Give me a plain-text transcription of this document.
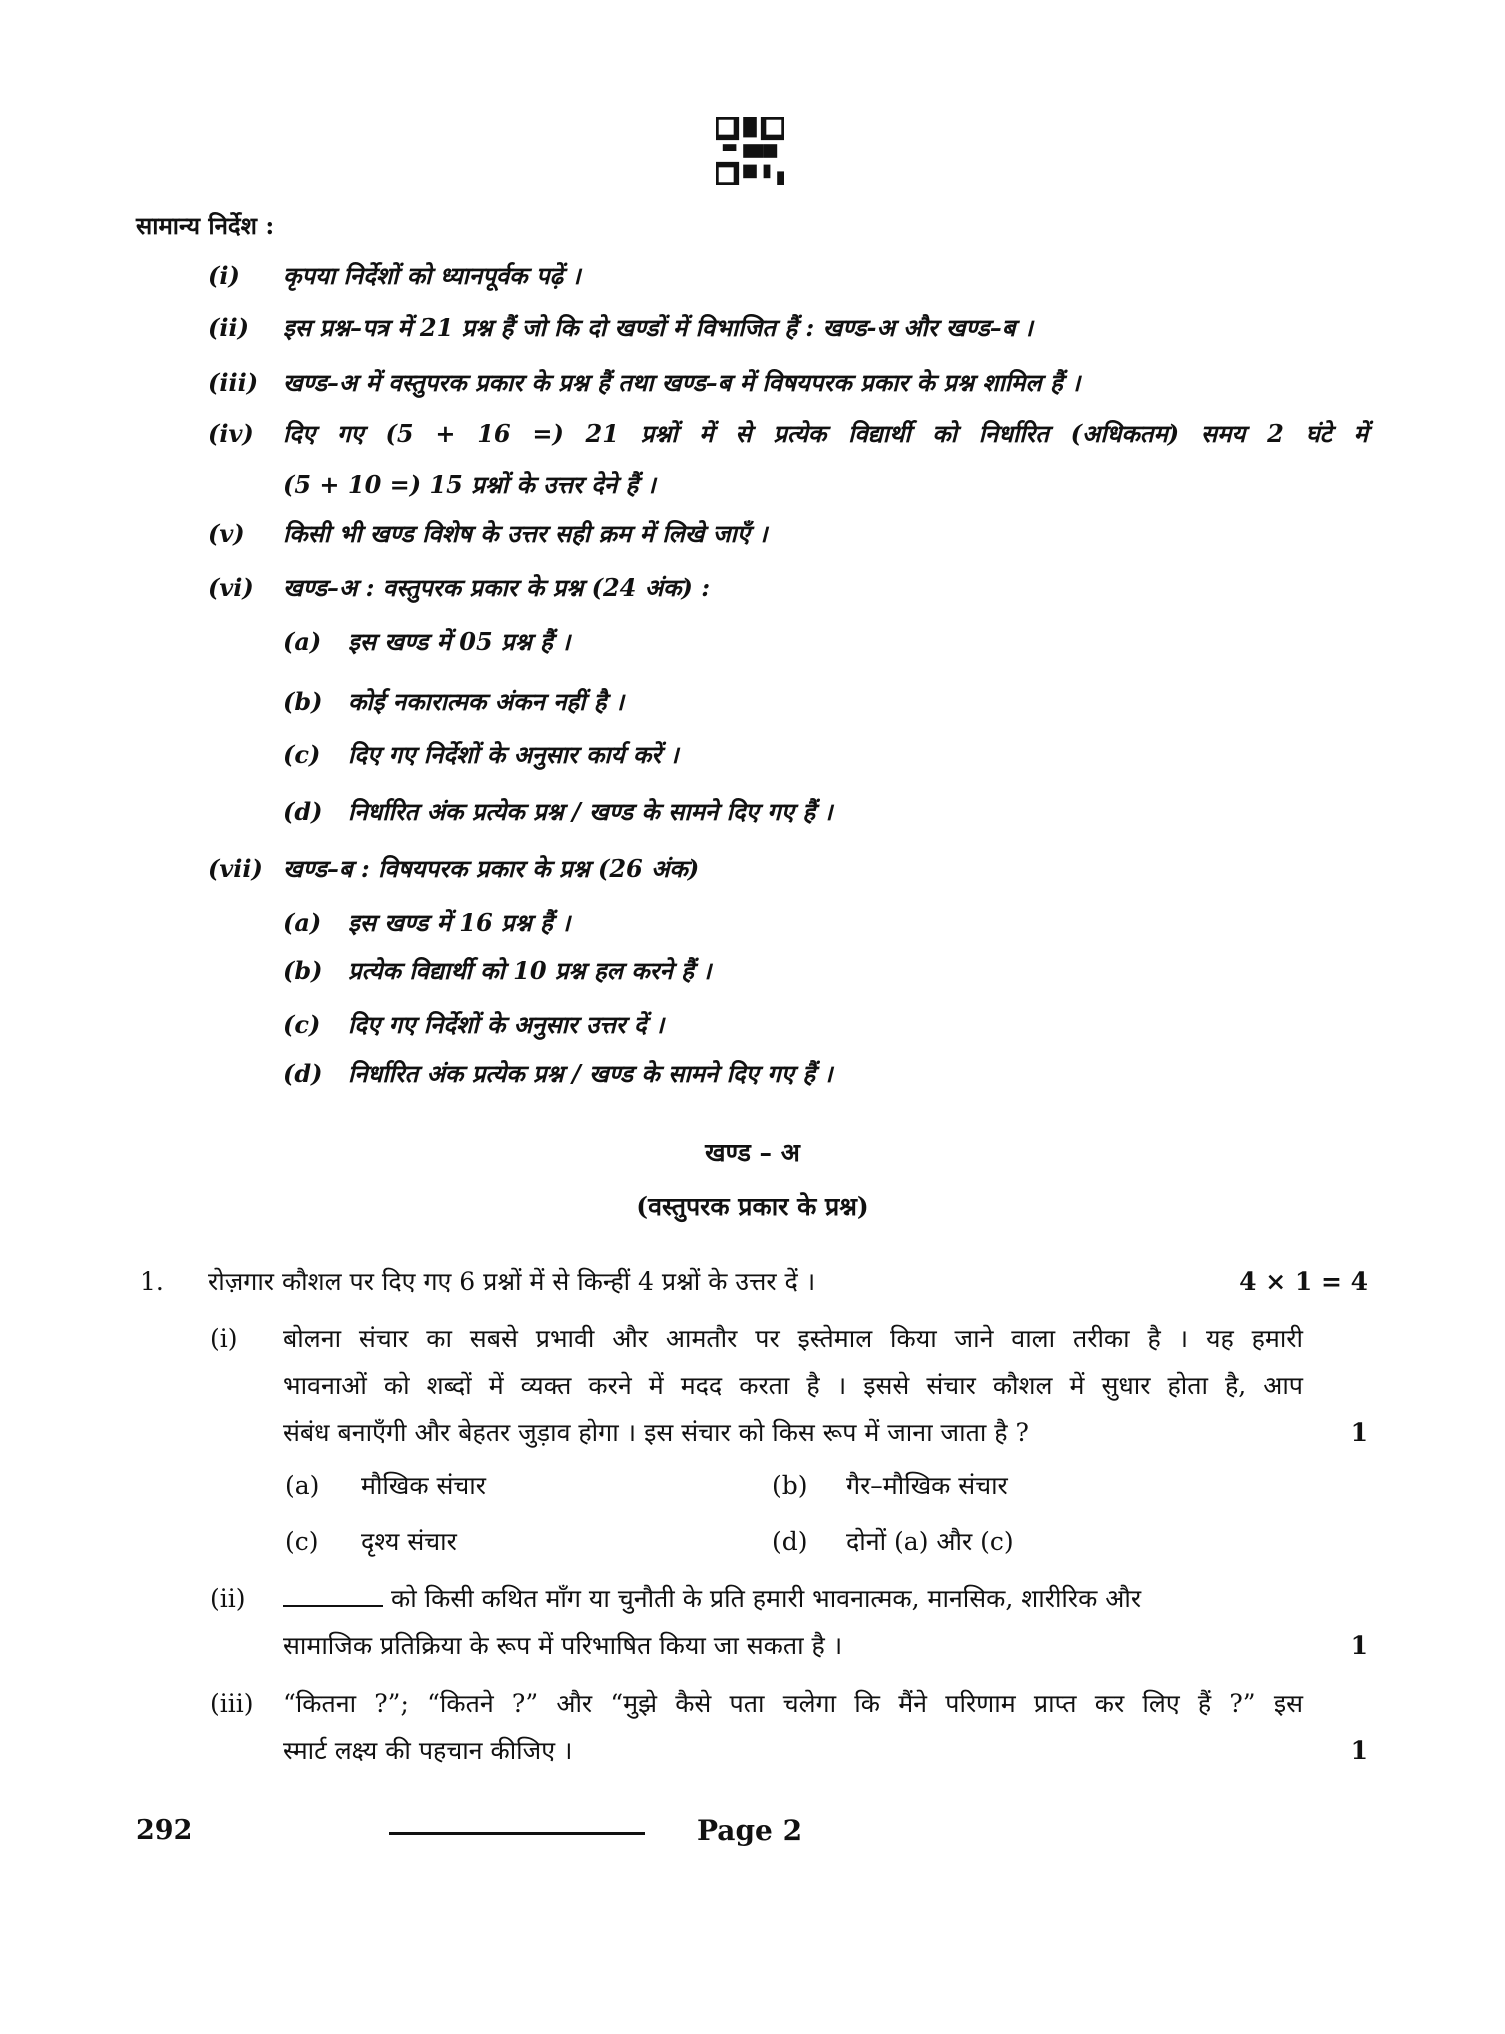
सामान्य निर्देश :
(i) कृपया निर्देशों को ध्यानपूर्वक पढ़ें ।
(ii) इस प्रश्न–पत्र में 21 प्रश्न हैं जो कि दो खण्डों में विभाजित हैं : खण्ड-अ और खण्ड–ब ।
(iii) खण्ड–अ में वस्तुपरक प्रकार के प्रश्न हैं तथा खण्ड–ब में विषयपरक प्रकार के प्रश्न शामिल हैं ।
(iv) दिए गए (5 + 16 =) 21 प्रश्नों में से प्रत्येक विद्यार्थी को निर्धारित (अधिकतम) समय 2 घंटे में
(5 + 10 =) 15 प्रश्नों के उत्तर देने हैं ।
(v) किसी भी खण्ड विशेष के उत्तर सही क्रम में लिखे जाएँ ।
(vi) खण्ड–अ : वस्तुपरक प्रकार के प्रश्न (24 अंक) :
(a) इस खण्ड में 05 प्रश्न हैं ।
(b) कोई नकारात्मक अंकन नहीं है ।
(c) दिए गए निर्देशों के अनुसार कार्य करें ।
(d) निर्धारित अंक प्रत्येक प्रश्न / खण्ड के सामने दिए गए हैं ।
(vii) खण्ड–ब : विषयपरक प्रकार के प्रश्न (26 अंक)
(a) इस खण्ड में 16 प्रश्न हैं ।
(b) प्रत्येक विद्यार्थी को 10 प्रश्न हल करने हैं ।
(c) दिए गए निर्देशों के अनुसार उत्तर दें ।
(d) निर्धारित अंक प्रत्येक प्रश्न / खण्ड के सामने दिए गए हैं ।
खण्ड – अ
(वस्तुपरक प्रकार के प्रश्न)
1. रोज़गार कौशल पर दिए गए 6 प्रश्नों में से किन्हीं 4 प्रश्नों के उत्तर दें ।	4 × 1 = 4
(i) बोलना संचार का सबसे प्रभावी और आमतौर पर इस्तेमाल किया जाने वाला तरीका है । यह हमारी
भावनाओं को शब्दों में व्यक्त करने में मदद करता है । इससे संचार कौशल में सुधार होता है, आप
संबंध बनाएँगी और बेहतर जुड़ाव होगा । इस संचार को किस रूप में जाना जाता है ?	1
(a) मौखिक संचार	(b) गैर–मौखिक संचार
(c) दृश्य संचार	(d) दोनों (a) और (c)
(ii)	को किसी कथित माँग या चुनौती के प्रति हमारी भावनात्मक, मानसिक, शारीरिक और
सामाजिक प्रतिक्रिया के रूप में परिभाषित किया जा सकता है ।	1
(iii) “कितना ?”; “कितने ?” और “मुझे कैसे पता चलेगा कि मैंने परिणाम प्राप्त कर लिए हैं ?” इस
स्मार्ट लक्ष्य की पहचान कीजिए ।	1
292	Page 2
